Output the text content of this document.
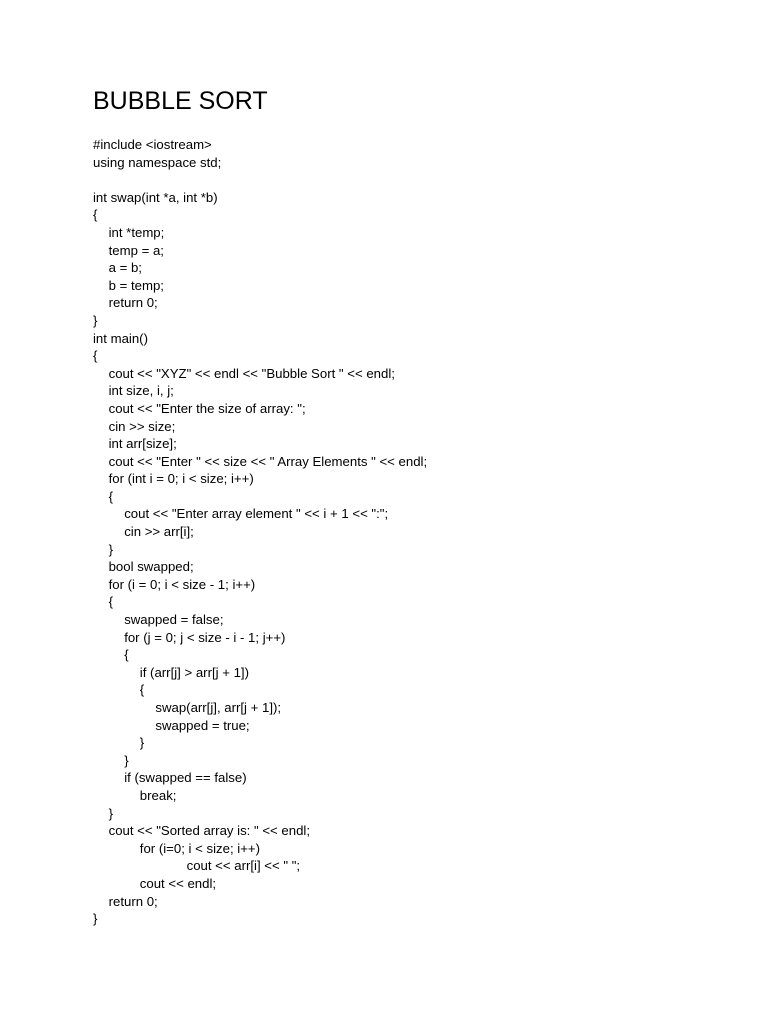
BUBBLE SORT
#include <iostream>
using namespace std;
int swap(int *a, int *b)
{
int *temp;
temp = a;
a = b;
b = temp;
return 0;
}
int main()
{
cout << "XYZ" << endl << "Bubble Sort " << endl;
int size, i, j;
cout << "Enter the size of array: ";
cin >> size;
int arr[size];
cout << "Enter " << size << " Array Elements " << endl;
for (int i = 0; i < size; i++)
{
cout << "Enter array element " << i + 1 << ":";
cin >> arr[i];
}
bool swapped;
for (i = 0; i < size - 1; i++)
{
swapped = false;
for (j = 0; j < size - i - 1; j++)
{
if (arr[j] > arr[j + 1])
{
swap(arr[j], arr[j + 1]);
swapped = true;
}
}
if (swapped == false)
break;
}
cout << "Sorted array is: " << endl;
for (i=0; i < size; i++)
cout << arr[i] << " ";
cout << endl;
return 0;
}
